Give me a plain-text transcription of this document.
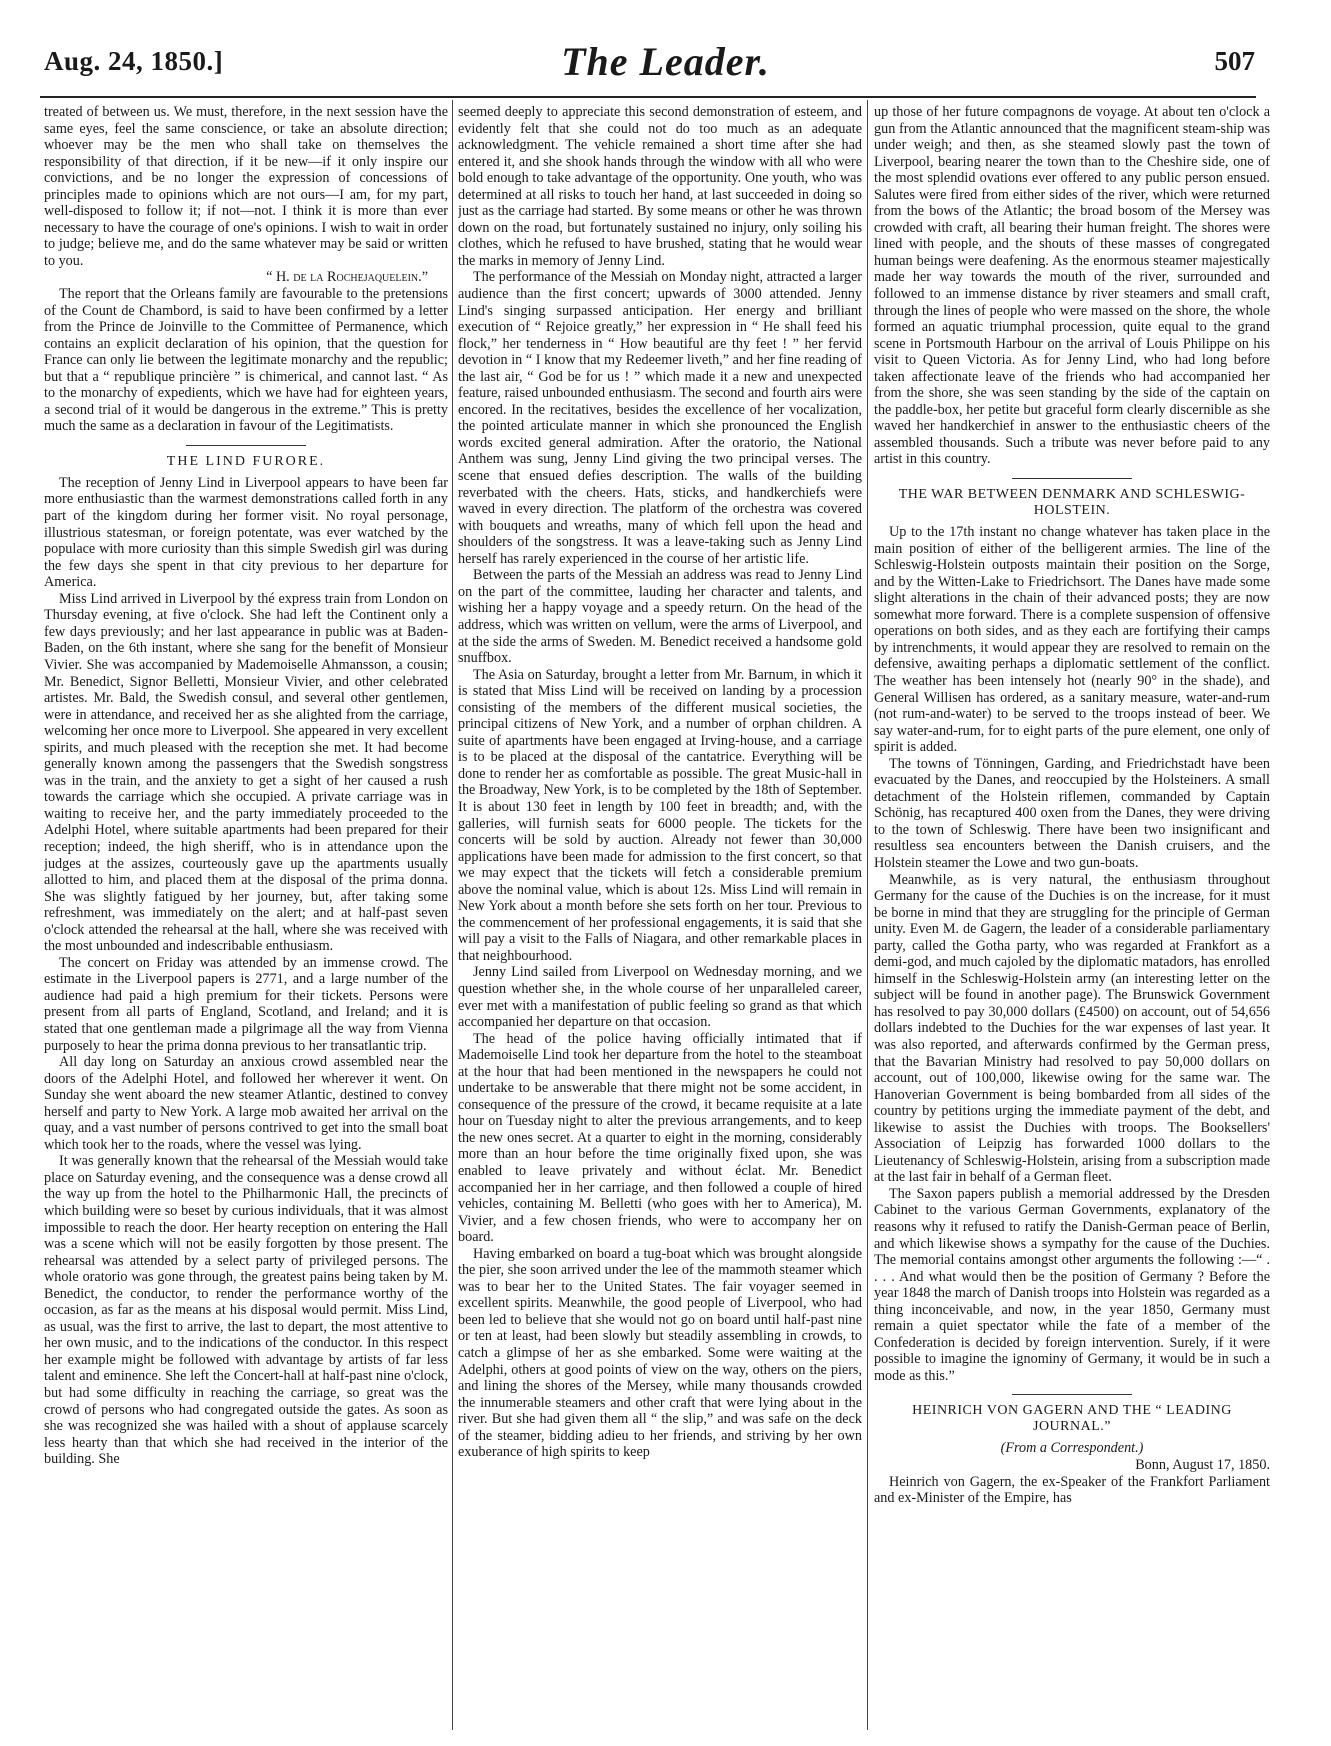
Aug. 24, 1850.]	The Leader.	507

treated of between us. We must, therefore, in the next session have the same eyes, feel the same conscience, or take an absolute direction; whoever may be the men who shall take on themselves the responsibility of that direction, if it be new—if it only inspire our convictions, and be no longer the expression of concessions of principles made to opinions which are not ours—I am, for my part, well-disposed to follow it; if not—not. I think it is more than ever necessary to have the courage of one's opinions. I wish to wait in order to judge; believe me, and do the same whatever may be said or written to you.

“ H. de la Rochejaquelein.”

The report that the Orleans family are favourable to the pretensions of the Count de Chambord, is said to have been confirmed by a letter from the Prince de Joinville to the Committee of Permanence, which contains an explicit declaration of his opinion, that the question for France can only lie between the legitimate monarchy and the republic; but that a “ republique princière ” is chimerical, and cannot last. “ As to the monarchy of expedients, which we have had for eighteen years, a second trial of it would be dangerous in the extreme.” This is pretty much the same as a declaration in favour of the Legitimatists.

THE LIND FURORE.

The reception of Jenny Lind in Liverpool appears to have been far more enthusiastic than the warmest demonstrations called forth in any part of the kingdom during her former visit. No royal personage, illustrious statesman, or foreign potentate, was ever watched by the populace with more curiosity than this simple Swedish girl was during the few days she spent in that city previous to her departure for America.

Miss Lind arrived in Liverpool by thé express train from London on Thursday evening, at five o'clock. She had left the Continent only a few days previously; and her last appearance in public was at Baden-Baden, on the 6th instant, where she sang for the benefit of Monsieur Vivier. She was accompanied by Mademoiselle Ahmansson, a cousin; Mr. Benedict, Signor Belletti, Monsieur Vivier, and other celebrated artistes. Mr. Bald, the Swedish consul, and several other gentlemen, were in attendance, and received her as she alighted from the carriage, welcoming her once more to Liverpool. She appeared in very excellent spirits, and much pleased with the reception she met. It had become generally known among the passengers that the Swedish songstress was in the train, and the anxiety to get a sight of her caused a rush towards the carriage which she occupied. A private carriage was in waiting to receive her, and the party immediately proceeded to the Adelphi Hotel, where suitable apartments had been prepared for their reception; indeed, the high sheriff, who is in attendance upon the judges at the assizes, courteously gave up the apartments usually allotted to him, and placed them at the disposal of the prima donna. She was slightly fatigued by her journey, but, after taking some refreshment, was immediately on the alert; and at half-past seven o'clock attended the rehearsal at the hall, where she was received with the most unbounded and indescribable enthusiasm.

The concert on Friday was attended by an immense crowd. The estimate in the Liverpool papers is 2771, and a large number of the audience had paid a high premium for their tickets. Persons were present from all parts of England, Scotland, and Ireland; and it is stated that one gentleman made a pilgrimage all the way from Vienna purposely to hear the prima donna previous to her transatlantic trip.

All day long on Saturday an anxious crowd assembled near the doors of the Adelphi Hotel, and followed her wherever it went. On Sunday she went aboard the new steamer Atlantic, destined to convey herself and party to New York. A large mob awaited her arrival on the quay, and a vast number of persons contrived to get into the small boat which took her to the roads, where the vessel was lying.

It was generally known that the rehearsal of the Messiah would take place on Saturday evening, and the consequence was a dense crowd all the way up from the hotel to the Philharmonic Hall, the precincts of which building were so beset by curious individuals, that it was almost impossible to reach the door. Her hearty reception on entering the Hall was a scene which will not be easily forgotten by those present. The rehearsal was attended by a select party of privileged persons. The whole oratorio was gone through, the greatest pains being taken by M. Benedict, the conductor, to render the performance worthy of the occasion, as far as the means at his disposal would permit. Miss Lind, as usual, was the first to arrive, the last to depart, the most attentive to her own music, and to the indications of the conductor. In this respect her example might be followed with advantage by artists of far less talent and eminence. She left the Concert-hall at half-past nine o'clock, but had some difficulty in reaching the carriage, so great was the crowd of persons who had congregated outside the gates. As soon as she was recognized she was hailed with a shout of applause scarcely less hearty than that which she had received in the interior of the building. She

seemed deeply to appreciate this second demonstration of esteem, and evidently felt that she could not do too much as an adequate acknowledgment. The vehicle remained a short time after she had entered it, and she shook hands through the window with all who were bold enough to take advantage of the opportunity. One youth, who was determined at all risks to touch her hand, at last succeeded in doing so just as the carriage had started. By some means or other he was thrown down on the road, but fortunately sustained no injury, only soiling his clothes, which he refused to have brushed, stating that he would wear the marks in memory of Jenny Lind.

The performance of the Messiah on Monday night, attracted a larger audience than the first concert; upwards of 3000 attended. Jenny Lind's singing surpassed anticipation. Her energy and brilliant execution of “ Rejoice greatly,” her expression in “ He shall feed his flock,” her tenderness in “ How beautiful are thy feet ! ” her fervid devotion in “ I know that my Redeemer liveth,” and her fine reading of the last air, “ God be for us ! ” which made it a new and unexpected feature, raised unbounded enthusiasm. The second and fourth airs were encored. In the recitatives, besides the excellence of her vocalization, the pointed articulate manner in which she pronounced the English words excited general admiration. After the oratorio, the National Anthem was sung, Jenny Lind giving the two principal verses. The scene that ensued defies description. The walls of the building reverbated with the cheers. Hats, sticks, and handkerchiefs were waved in every direction. The platform of the orchestra was covered with bouquets and wreaths, many of which fell upon the head and shoulders of the songstress. It was a leave-taking such as Jenny Lind herself has rarely experienced in the course of her artistic life.

Between the parts of the Messiah an address was read to Jenny Lind on the part of the committee, lauding her character and talents, and wishing her a happy voyage and a speedy return. On the head of the address, which was written on vellum, were the arms of Liverpool, and at the side the arms of Sweden. M. Benedict received a handsome gold snuffbox.

The Asia on Saturday, brought a letter from Mr. Barnum, in which it is stated that Miss Lind will be received on landing by a procession consisting of the members of the different musical societies, the principal citizens of New York, and a number of orphan children. A suite of apartments have been engaged at Irving-house, and a carriage is to be placed at the disposal of the cantatrice. Everything will be done to render her as comfortable as possible. The great Music-hall in the Broadway, New York, is to be completed by the 18th of September. It is about 130 feet in length by 100 feet in breadth; and, with the galleries, will furnish seats for 6000 people. The tickets for the concerts will be sold by auction. Already not fewer than 30,000 applications have been made for admission to the first concert, so that we may expect that the tickets will fetch a considerable premium above the nominal value, which is about 12s. Miss Lind will remain in New York about a month before she sets forth on her tour. Previous to the commencement of her professional engagements, it is said that she will pay a visit to the Falls of Niagara, and other remarkable places in that neighbourhood.

Jenny Lind sailed from Liverpool on Wednesday morning, and we question whether she, in the whole course of her unparalleled career, ever met with a manifestation of public feeling so grand as that which accompanied her departure on that occasion.

The head of the police having officially intimated that if Mademoiselle Lind took her departure from the hotel to the steamboat at the hour that had been mentioned in the newspapers he could not undertake to be answerable that there might not be some accident, in consequence of the pressure of the crowd, it became requisite at a late hour on Tuesday night to alter the previous arrangements, and to keep the new ones secret. At a quarter to eight in the morning, considerably more than an hour before the time originally fixed upon, she was enabled to leave privately and without éclat. Mr. Benedict accompanied her in her carriage, and then followed a couple of hired vehicles, containing M. Belletti (who goes with her to America), M. Vivier, and a few chosen friends, who were to accompany her on board.

Having embarked on board a tug-boat which was brought alongside the pier, she soon arrived under the lee of the mammoth steamer which was to bear her to the United States. The fair voyager seemed in excellent spirits. Meanwhile, the good people of Liverpool, who had been led to believe that she would not go on board until half-past nine or ten at least, had been slowly but steadily assembling in crowds, to catch a glimpse of her as she embarked. Some were waiting at the Adelphi, others at good points of view on the way, others on the piers, and lining the shores of the Mersey, while many thousands crowded the innumerable steamers and other craft that were lying about in the river. But she had given them all “ the slip,” and was safe on the deck of the steamer, bidding adieu to her friends, and striving by her own exuberance of high spirits to keep

up those of her future compagnons de voyage. At about ten o'clock a gun from the Atlantic announced that the magnificent steam-ship was under weigh; and then, as she steamed slowly past the town of Liverpool, bearing nearer the town than to the Cheshire side, one of the most splendid ovations ever offered to any public person ensued. Salutes were fired from either sides of the river, which were returned from the bows of the Atlantic; the broad bosom of the Mersey was crowded with craft, all bearing their human freight. The shores were lined with people, and the shouts of these masses of congregated human beings were deafening. As the enormous steamer majestically made her way towards the mouth of the river, surrounded and followed to an immense distance by river steamers and small craft, through the lines of people who were massed on the shore, the whole formed an aquatic triumphal procession, quite equal to the grand scene in Portsmouth Harbour on the arrival of Louis Philippe on his visit to Queen Victoria. As for Jenny Lind, who had long before taken affectionate leave of the friends who had accompanied her from the shore, she was seen standing by the side of the captain on the paddle-box, her petite but graceful form clearly discernible as she waved her handkerchief in answer to the enthusiastic cheers of the assembled thousands. Such a tribute was never before paid to any artist in this country.

THE WAR BETWEEN DENMARK AND SCHLESWIG-HOLSTEIN.

Up to the 17th instant no change whatever has taken place in the main position of either of the belligerent armies. The line of the Schleswig-Holstein outposts maintain their position on the Sorge, and by the Witten-Lake to Friedrichsort. The Danes have made some slight alterations in the chain of their advanced posts; they are now somewhat more forward. There is a complete suspension of offensive operations on both sides, and as they each are fortifying their camps by intrenchments, it would appear they are resolved to remain on the defensive, awaiting perhaps a diplomatic settlement of the conflict. The weather has been intensely hot (nearly 90° in the shade), and General Willisen has ordered, as a sanitary measure, water-and-rum (not rum-and-water) to be served to the troops instead of beer. We say water-and-rum, for to eight parts of the pure element, one only of spirit is added.

The towns of Tönningen, Garding, and Friedrichstadt have been evacuated by the Danes, and reoccupied by the Holsteiners. A small detachment of the Holstein riflemen, commanded by Captain Schönig, has recaptured 400 oxen from the Danes, they were driving to the town of Schleswig. There have been two insignificant and resultless sea encounters between the Danish cruisers, and the Holstein steamer the Lowe and two gun-boats.

Meanwhile, as is very natural, the enthusiasm throughout Germany for the cause of the Duchies is on the increase, for it must be borne in mind that they are struggling for the principle of German unity. Even M. de Gagern, the leader of a considerable parliamentary party, called the Gotha party, who was regarded at Frankfort as a demi-god, and much cajoled by the diplomatic matadors, has enrolled himself in the Schleswig-Holstein army (an interesting letter on the subject will be found in another page). The Brunswick Government has resolved to pay 30,000 dollars (£4500) on account, out of 54,656 dollars indebted to the Duchies for the war expenses of last year. It was also reported, and afterwards confirmed by the German press, that the Bavarian Ministry had resolved to pay 50,000 dollars on account, out of 100,000, likewise owing for the same war. The Hanoverian Government is being bombarded from all sides of the country by petitions urging the immediate payment of the debt, and likewise to assist the Duchies with troops. The Booksellers' Association of Leipzig has forwarded 1000 dollars to the Lieutenancy of Schleswig-Holstein, arising from a subscription made at the last fair in behalf of a German fleet.

The Saxon papers publish a memorial addressed by the Dresden Cabinet to the various German Governments, explanatory of the reasons why it refused to ratify the Danish-German peace of Berlin, and which likewise shows a sympathy for the cause of the Duchies. The memorial contains amongst other arguments the following :—“ . . . . And what would then be the position of Germany ? Before the year 1848 the march of Danish troops into Holstein was regarded as a thing inconceivable, and now, in the year 1850, Germany must remain a quiet spectator while the fate of a member of the Confederation is decided by foreign intervention. Surely, if it were possible to imagine the ignominy of Germany, it would be in such a mode as this.”

HEINRICH VON GAGERN AND THE “ LEADING JOURNAL.”

(From a Correspondent.)

Bonn, August 17, 1850.

Heinrich von Gagern, the ex-Speaker of the Frankfort Parliament and ex-Minister of the Empire, has
